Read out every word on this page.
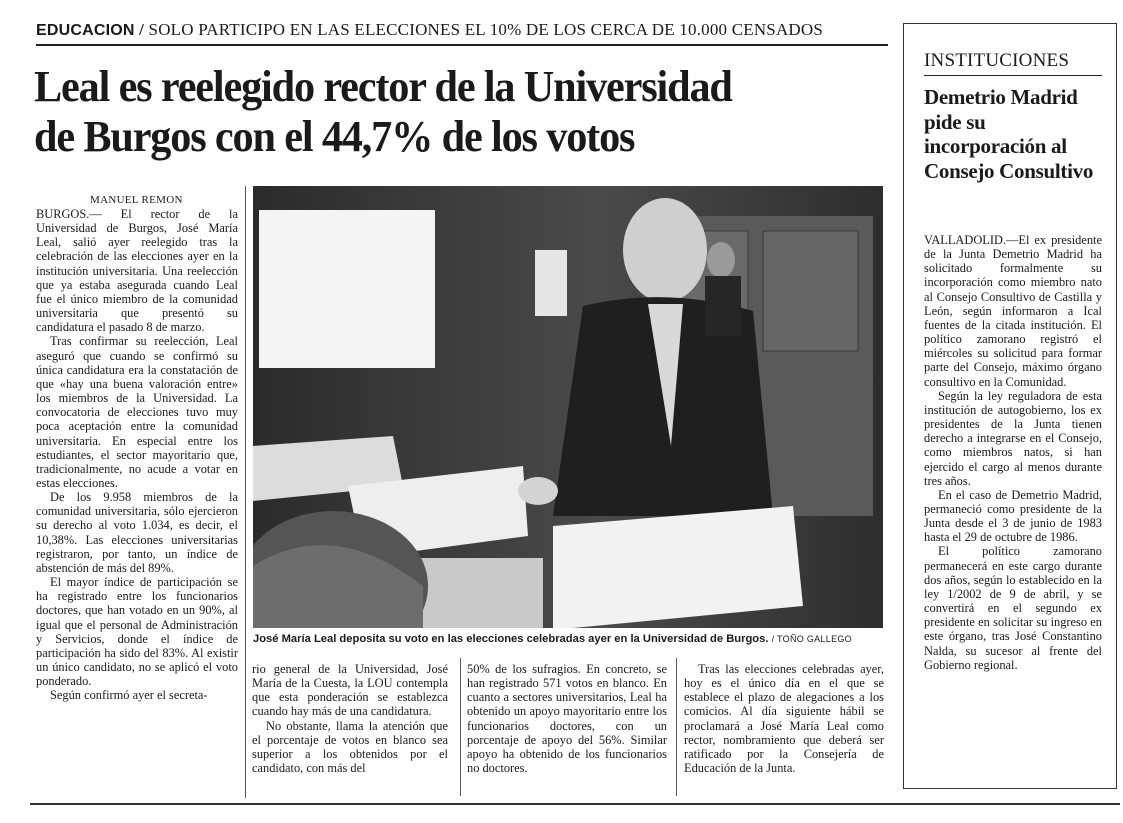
EDUCACION / SOLO PARTICIPO EN LAS ELECCIONES EL 10% DE LOS CERCA DE 10.000 CENSADOS
Leal es reelegido rector de la Universidad
de Burgos con el 44,7% de los votos
MANUEL REMON

BURGOS.— El rector de la Universidad de Burgos, José María Leal, salió ayer reelegido tras la celebración de las elecciones ayer en la institución universitaria. Una reelección que ya estaba asegurada cuando Leal fue el único miembro de la comunidad universitaria que presentó su candidatura el pasado 8 de marzo.

Tras confirmar su reelección, Leal aseguró que cuando se confirmó su única candidatura era la constatación de que «hay una buena valoración entre» los miembros de la Universidad. La convocatoria de elecciones tuvo muy poca aceptación entre la comunidad universitaria. En especial entre los estudiantes, el sector mayoritario que, tradicionalmente, no acude a votar en estas elecciones.

De los 9.958 miembros de la comunidad universitaria, sólo ejercieron su derecho al voto 1.034, es decir, el 10,38%. Las elecciones universitarias registraron, por tanto, un índice de abstención de más del 89%.

El mayor índice de participación se ha registrado entre los funcionarios doctores, que han votado en un 90%, al igual que el personal de Administración y Servicios, donde el índice de participación ha sido del 83%. Al existir un único candidato, no se aplicó el voto ponderado.

Según confirmó ayer el secreta-

José María Leal deposita su voto en las elecciones celebradas ayer en la Universidad de Burgos. / TOÑO GALLEGO

rio general de la Universidad, José María de la Cuesta, la LOU contempla que esta ponderación se establezca cuando hay más de una candidatura.

No obstante, llama la atención que el porcentaje de votos en blanco sea superior a los obtenidos por el candidato, con más del

50% de los sufragios. En concreto, se han registrado 571 votos en blanco. En cuanto a sectores universitarios, Leal ha obtenido un apoyo mayoritario entre los funcionarios doctores, con un porcentaje de apoyo del 56%. Similar apoyo ha obtenido de los funcionarios no doctores.

Tras las elecciones celebradas ayer, hoy es el único día en el que se establece el plazo de alegaciones a los comicios. Al día siguiente hábil se proclamará a José María Leal como rector, nombramiento que deberá ser ratificado por la Consejería de Educación de la Junta.

INSTITUCIONES
Demetrio Madrid pide su incorporación al Consejo Consultivo

VALLADOLID.—El ex presidente de la Junta Demetrio Madrid ha solicitado formalmente su incorporación como miembro nato al Consejo Consultivo de Castilla y León, según informaron a Ical fuentes de la citada institución. El político zamorano registró el miércoles su solicitud para formar parte del Consejo, máximo órgano consultivo en la Comunidad.

Según la ley reguladora de esta institución de autogobierno, los ex presidentes de la Junta tienen derecho a integrarse en el Consejo, como miembros natos, si han ejercido el cargo al menos durante tres años.

En el caso de Demetrio Madrid, permaneció como presidente de la Junta desde el 3 de junio de 1983 hasta el 29 de octubre de 1986.

El político zamorano permanecerá en este cargo durante dos años, según lo establecido en la ley 1/2002 de 9 de abril, y se convertirá en el segundo ex presidente en solicitar su ingreso en este órgano, tras José Constantino Nalda, su sucesor al frente del Gobierno regional.
